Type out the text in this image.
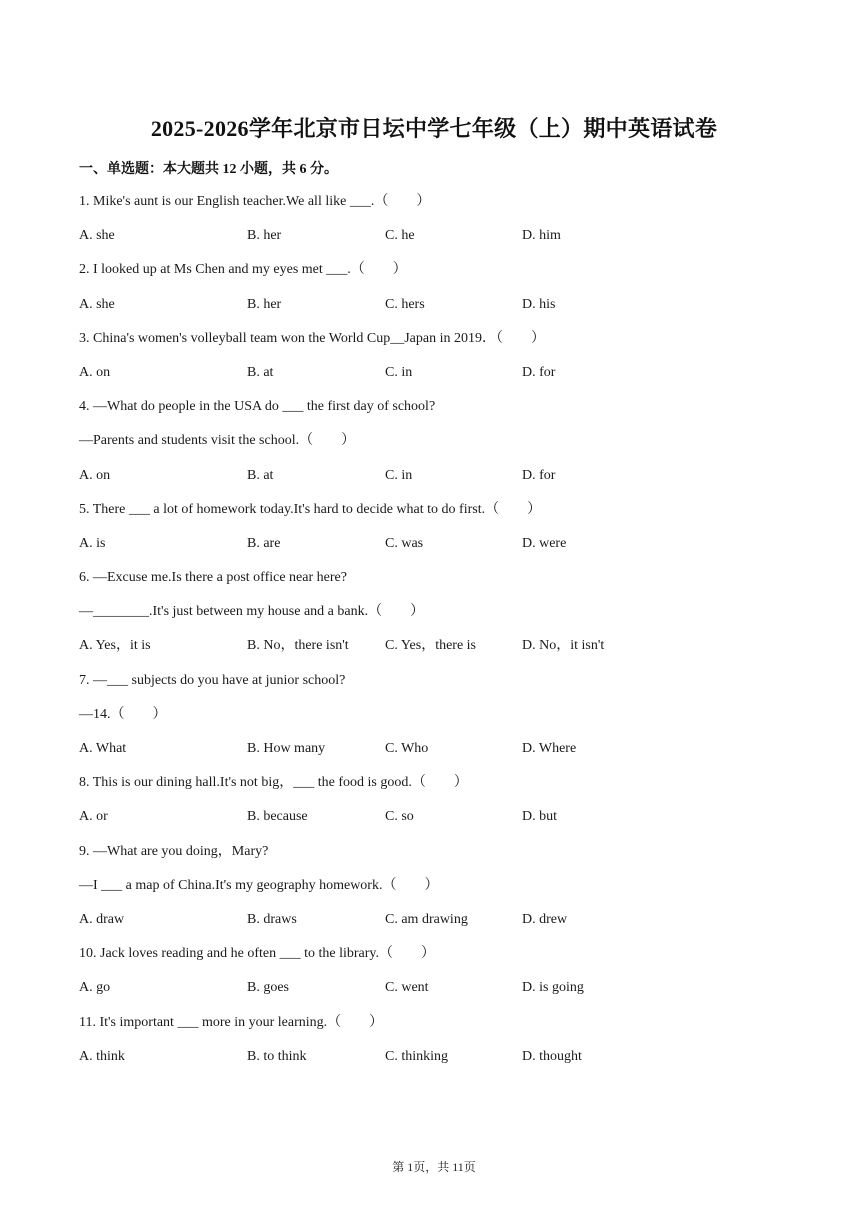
2025-2026学年北京市日坛中学七年级（上）期中英语试卷
一、单选题：本大题共 12 小题，共 6 分。
1. Mike's aunt is our English teacher.We all like ___.（　　）
A. she	B. her	C. he	D. him
2. I looked up at Ms Chen and my eyes met ___.（　　）
A. she	B. her	C. hers	D. his
3. China's women's volleyball team won the World Cup__Japan in 2019．（　　）
A. on	B. at	C. in	D. for
4. —What do people in the USA do ___ the first day of school?
—Parents and students visit the school.（　　）
A. on	B. at	C. in	D. for
5. There ___ a lot of homework today.It's hard to decide what to do first.（　　）
A. is	B. are	C. was	D. were
6. —Excuse me.Is there a post office near here?
—________.It's just between my house and a bank.（　　）
A. Yes，it is	B. No，there isn't	C. Yes，there is	D. No，it isn't
7. —___ subjects do you have at junior school?
—14.（　　）
A. What	B. How many	C. Who	D. Where
8. This is our dining hall.It's not big，___ the food is good.（　　）
A. or	B. because	C. so	D. but
9. —What are you doing，Mary?
—I ___ a map of China.It's my geography homework.（　　）
A. draw	B. draws	C. am drawing	D. drew
10. Jack loves reading and he often ___ to the library.（　　）
A. go	B. goes	C. went	D. is going
11. It's important ___ more in your learning.（　　）
A. think	B. to think	C. thinking	D. thought
第 1页，共 11页
